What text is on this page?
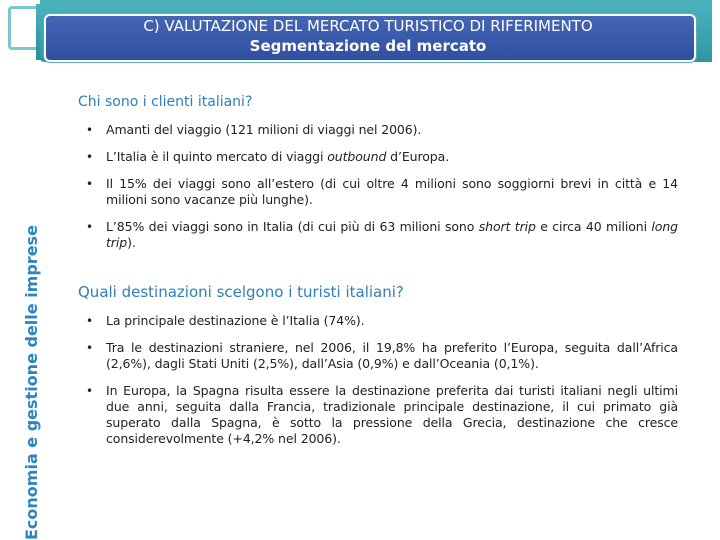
Economia e gestione delle imprese
C) VALUTAZIONE DEL MERCATO TURISTICO DI RIFERIMENTO
Segmentazione del mercato
Chi sono i clienti italiani?
• Amanti del viaggio (121 milioni di viaggi nel 2006).
• L’Italia è il quinto mercato di viaggi outbound d’Europa.
• Il 15% dei viaggi sono all’estero (di cui oltre 4 milioni sono soggiorni brevi in città e 14 milioni sono vacanze più lunghe).
• L’85% dei viaggi sono in Italia (di cui più di 63 milioni sono short trip e circa 40 milioni long trip).
Quali destinazioni scelgono i turisti italiani?
• La principale destinazione è l’Italia (74%).
• Tra le destinazioni straniere, nel 2006, il 19,8% ha preferito l’Europa, seguita dall’Africa (2,6%), dagli Stati Uniti (2,5%), dall’Asia (0,9%) e dall’Oceania (0,1%).
• In Europa, la Spagna risulta essere la destinazione preferita dai turisti italiani negli ultimi due anni, seguita dalla Francia, tradizionale principale destinazione, il cui primato già superato dalla Spagna, è sotto la pressione della Grecia, destinazione che cresce considerevolmente (+4,2% nel 2006).
